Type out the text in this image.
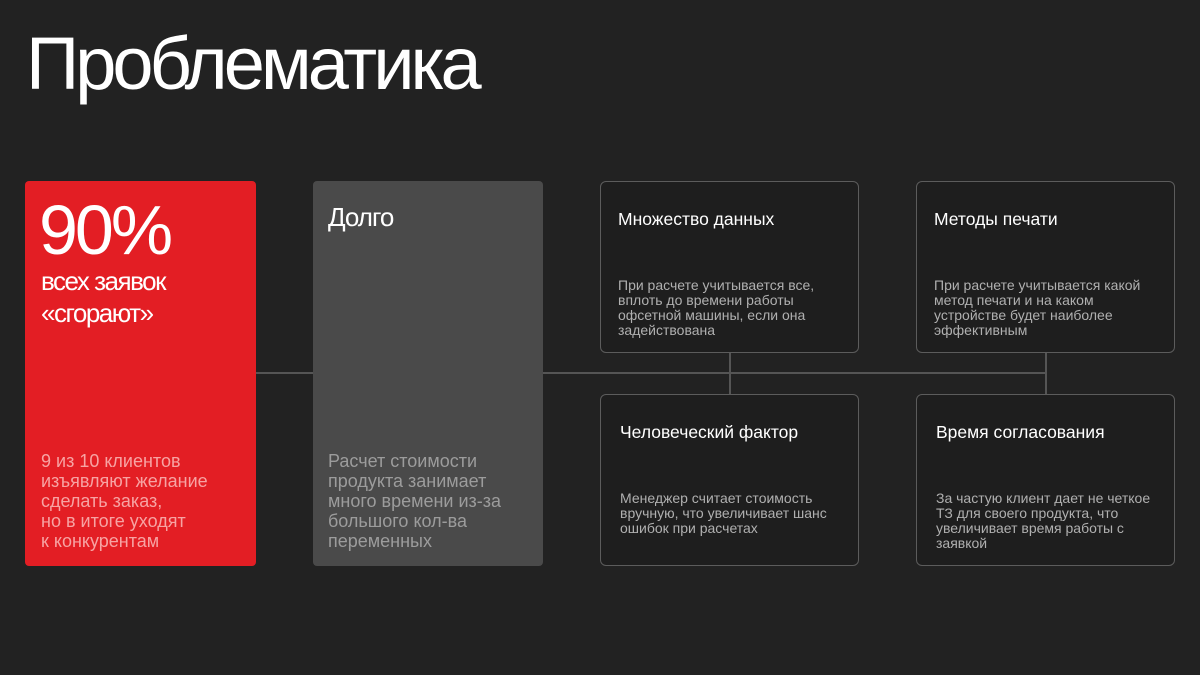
Проблематика
90%
всех заявок «сгорают»
9 из 10 клиентов
изъявляют желание
сделать заказ,
но в итоге уходят
к конкурентам
Долго
Расчет стоимости продукта занимает много времени из-за большого кол-ва переменных
Множество данных
При расчете учитывается все, вплоть до времени работы офсетной машины, если она задействована
Методы печати
При расчете учитывается какой метод печати и на каком устройстве будет наиболее эффективным
Человеческий фактор
Менеджер считает стоимость вручную, что увеличивает шанс ошибок при расчетах
Время согласования
За частую клиент дает не четкое ТЗ для своего продукта, что увеличивает время работы с заявкой
